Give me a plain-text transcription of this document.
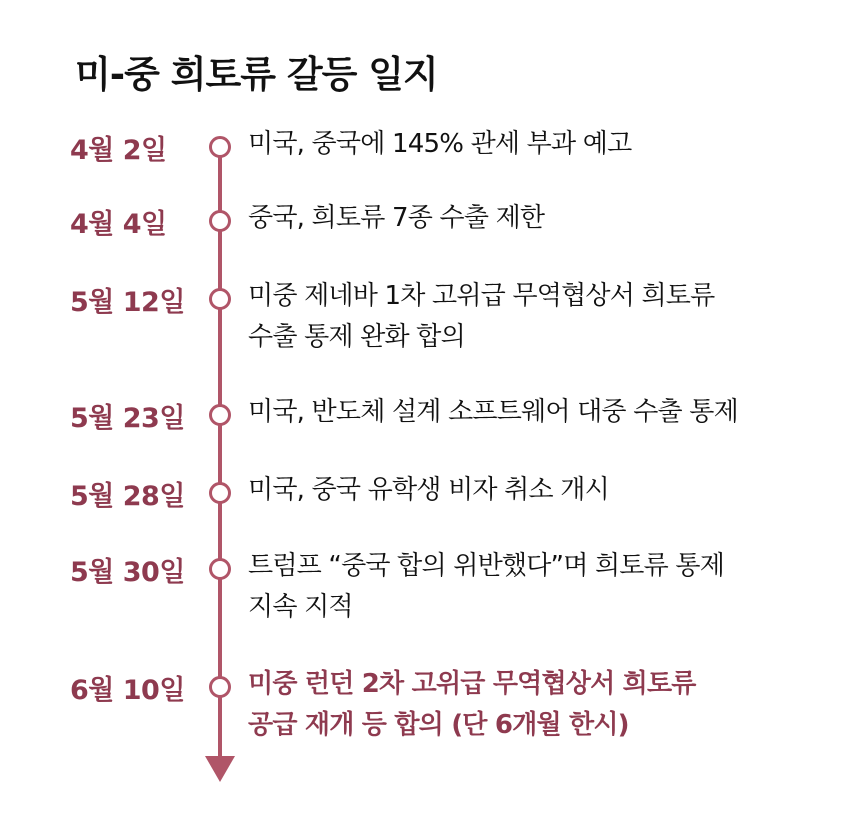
미-중 희토류 갈등 일지
4월 2일	미국, 중국에 145% 관세 부과 예고
4월 4일	중국, 희토류 7종 수출 제한
5월 12일 미중 제네바 1차 고위급 무역협상서 희토류
수출 통제 완화 합의
5월 23일 미국, 반도체 설계 소프트웨어 대중 수출 통제
5월 28일 미국, 중국 유학생 비자 취소 개시
5월 30일 트럼프 “중국 합의 위반했다”며 희토류 통제
지속 지적
6월 10일 미중 런던 2차 고위급 무역협상서 희토류
공급 재개 등 합의 (단 6개월 한시)
